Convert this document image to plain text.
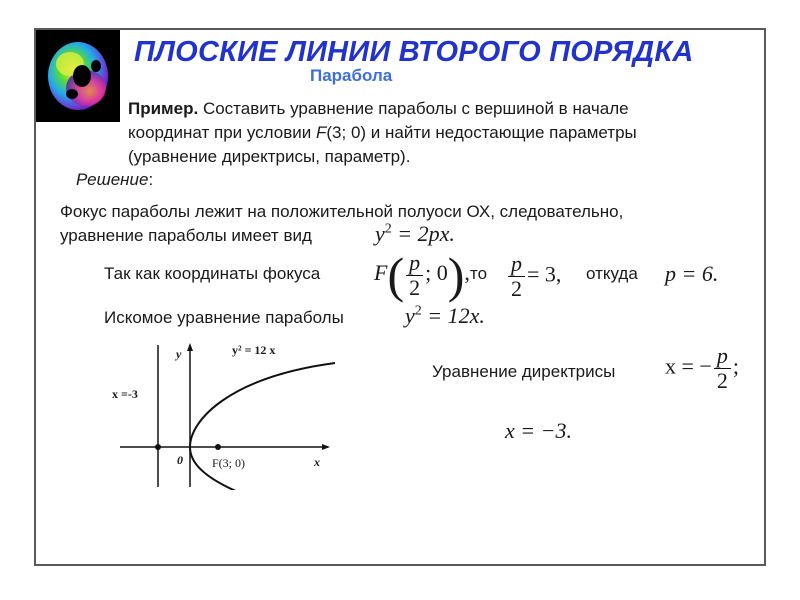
ПЛОСКИЕ ЛИНИИ ВТОРОГО ПОРЯДКА
Парабола
Пример. Составить уравнение параболы с вершиной в начале
координат при условии F(3; 0) и найти недостающие параметры
(уравнение директрисы, параметр).
Решение:
Фокус параболы лежит на положительной полуоси ОХ, следовательно,
уравнение параболы имеет вид	$y^2 = 2px$.
Так как координаты фокуса $F( \frac{p}{2}$ ; 0), то $\frac{p}{2} = 3$, откуда p = 6.
Искомое уравнение параболы	$y^2 = 12x$.
Уравнение директрисы x = − $\frac{p}{2}$ ;
x = −3.
y² = 12 x
y
x
0 F(3; 0)
x =-3
